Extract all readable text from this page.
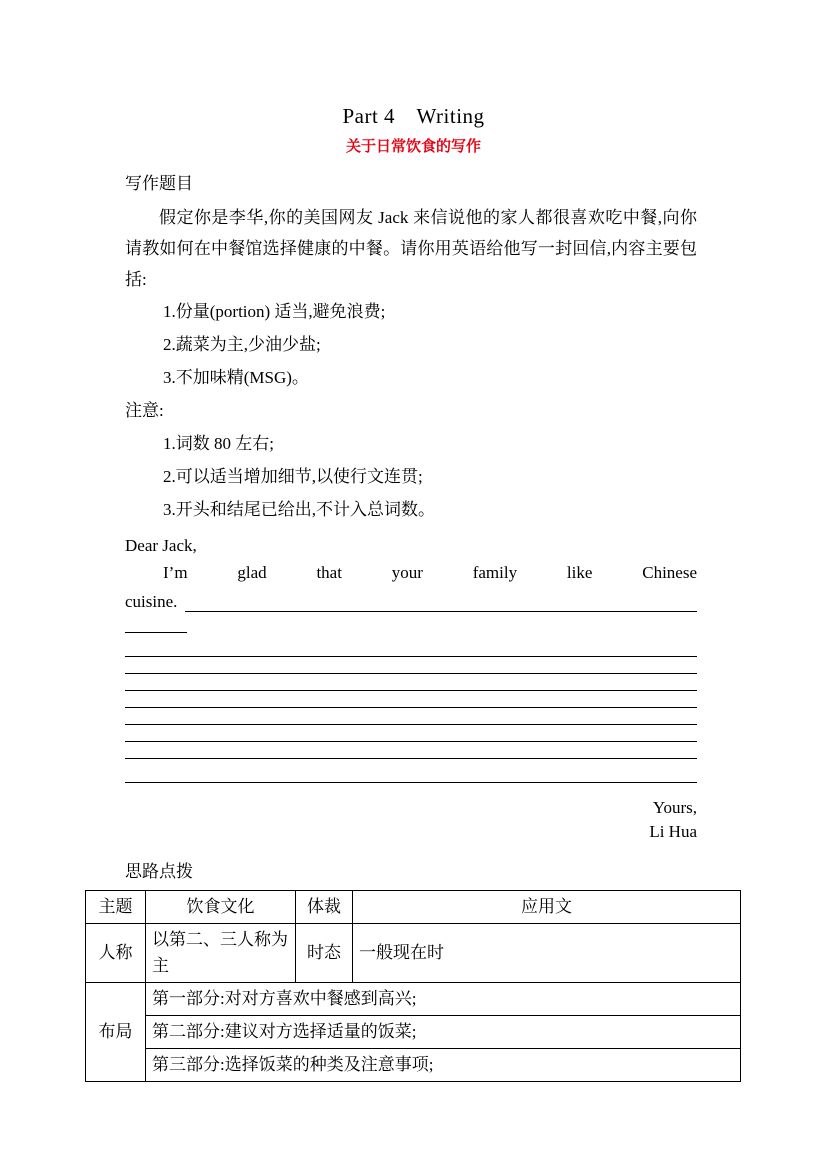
Part 4　Writing
关于日常饮食的写作
写作题目

假定你是李华,你的美国网友 Jack 来信说他的家人都很喜欢吃中餐,向你请教如何在中餐馆选择健康的中餐。请你用英语给他写一封回信,内容主要包括:

1.份量(portion) 适当,避免浪费;
2.蔬菜为主,少油少盐;
3.不加味精(MSG)。
注意:
1.词数 80 左右;
2.可以适当增加细节,以使行文连贯;
3.开头和结尾已给出,不计入总词数。
Dear Jack,
I’m glad that your family like Chinese
cuisine.
Yours,
Li Hua
思路点拨
主题	饮食文化	体裁	应用文
人称	以第二、三人称为主	时态	一般现在时
布局	第一部分:对对方喜欢中餐感到高兴;		
	第二部分:建议对方选择适量的饭菜;		
	第三部分:选择饭菜的种类及注意事项;		
